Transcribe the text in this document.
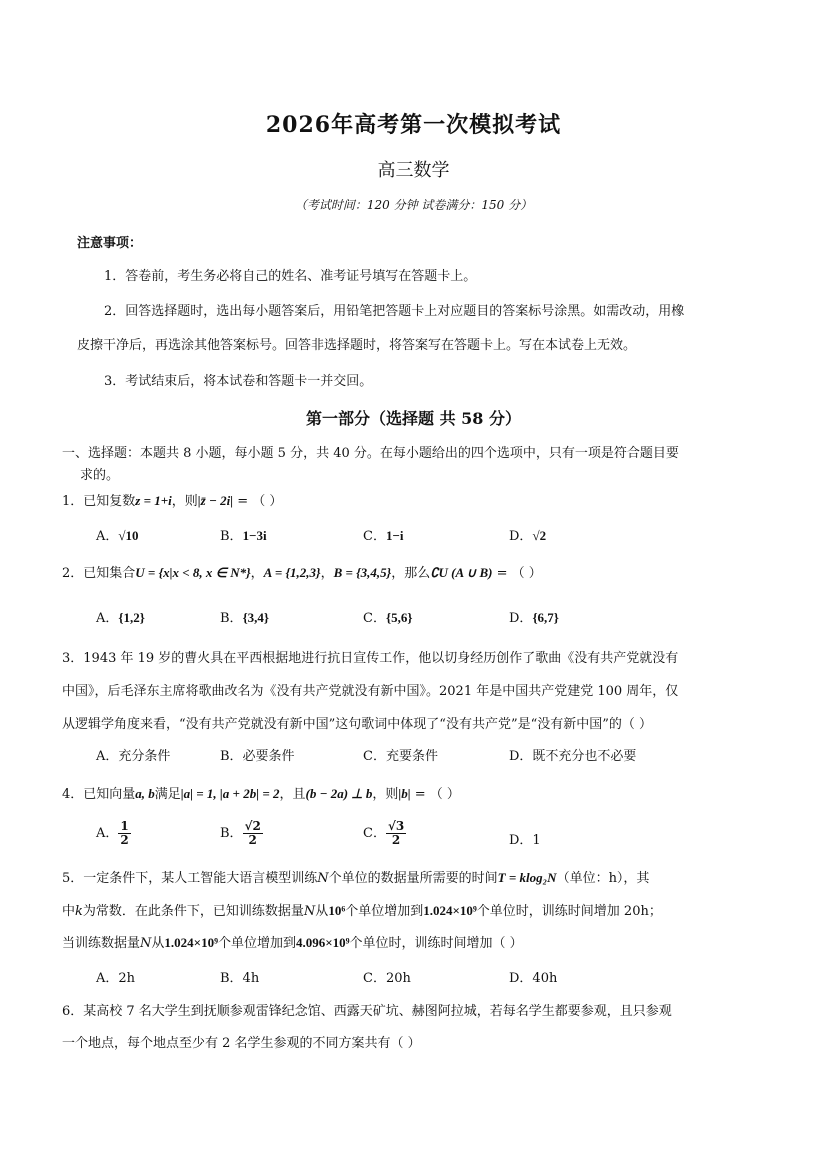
2026年高考第一次模拟考试
高三数学
（考试时间：120 分钟 试卷满分：150 分）
注意事项：
1．答卷前，考生务必将自己的姓名、准考证号填写在答题卡上。
2．回答选择题时，选出每小题答案后，用铅笔把答题卡上对应题目的答案标号涂黑。如需改动，用橡
皮擦干净后，再选涂其他答案标号。回答非选择题时，将答案写在答题卡上。写在本试卷上无效。
3．考试结束后，将本试卷和答题卡一并交回。
第一部分（选择题 共 58 分）
一、选择题：本题共 8 小题，每小题 5 分，共 40 分。在每小题给出的四个选项中，只有一项是符合题目要
求的。
1．已知复数z = 1+i，则|z̄ − 2i| = （ ）
A．√10	B．1−3i	C．1−i	D．√2
2．已知集合U = {x|x < 8, x ∈ N*}，A = {1,2,3}，B = {3,4,5}，那么∁U (A ∪ B) = （ ）
A．{1,2}	B．{3,4}	C．{5,6}	D．{6,7}
3．1943 年 19 岁的曹火具在平西根据地进行抗日宣传工作，他以切身经历创作了歌曲《没有共产党就没有
中国》，后毛泽东主席将歌曲改名为《没有共产党就没有新中国》。2021 年是中国共产党建党 100 周年，仅
从逻辑学角度来看，“没有共产党就没有新中国”这句歌词中体现了“没有共产党”是“没有新中国”的（ ）
A．充分条件	B．必要条件	C．充要条件	D．既不充分也不必要
4．已知向量a, b满足|a| = 1, |a + 2b| = 2，且(b − 2a) ⊥ b，则|b| = （ ）
A． $\frac{1}{2}$	B． $\frac{√2}{2}$	C． $\frac{√3}{2}$	D．1
5．一定条件下，某人工智能大语言模型训练N个单位的数据量所需要的时间T = klog₂N（单位：h），其
中k为常数．在此条件下，已知训练数据量N从10⁶个单位增加到1.024×10⁹个单位时，训练时间增加 20h；
当训练数据量N从1.024×10⁹个单位增加到4.096×10⁹个单位时，训练时间增加（ ）
A．2h	B．4h	C．20h	D．40h
6．某高校 7 名大学生到抚顺参观雷锋纪念馆、西露天矿坑、赫图阿拉城，若每名学生都要参观，且只参观
一个地点，每个地点至少有 2 名学生参观的不同方案共有（ ）
